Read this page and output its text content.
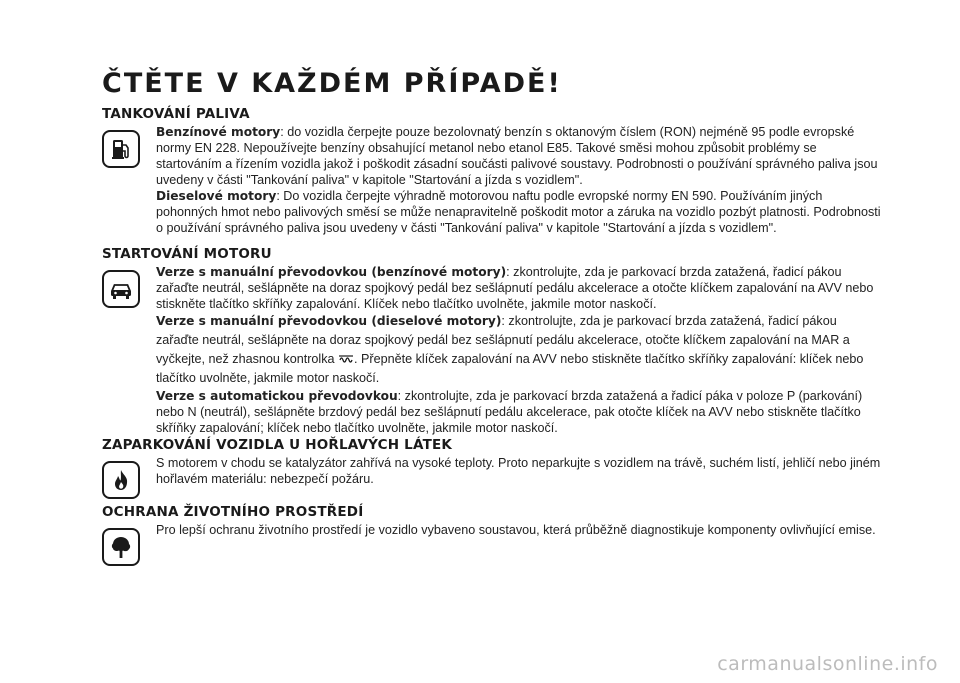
ČTĚTE V KAŽDÉM PŘÍPADĚ!
TANKOVÁNÍ PALIVA

Benzínové motory: do vozidla čerpejte pouze bezolovnatý benzín s oktanovým číslem (RON) nejméně 95 podle evropské normy EN 228. Nepoužívejte benzíny obsahující metanol nebo etanol E85. Takové směsi mohou způsobit problémy se startováním a řízením vozidla jakož i poškodit zásadní součásti palivové soustavy. Podrobnosti o používání správného paliva jsou uvedeny v části "Tankování paliva" v kapitole "Startování a jízda s vozidlem".

Dieselové motory: Do vozidla čerpejte výhradně motorovou naftu podle evropské normy EN 590. Používáním jiných pohonných hmot nebo palivových směsí se může nenapravitelně poškodit motor a záruka na vozidlo pozbýt platnosti. Podrobnosti o používání správného paliva jsou uvedeny v části "Tankování paliva" v kapitole "Startování a jízda s vozidlem".

STARTOVÁNÍ MOTORU

Verze s manuální převodovkou (benzínové motory): zkontrolujte, zda je parkovací brzda zatažená, řadicí pákou zařaďte neutrál, sešlápněte na doraz spojkový pedál bez sešlápnutí pedálu akcelerace a otočte klíčkem zapalování na AVV nebo stiskněte tlačítko skříňky zapalování. Klíček nebo tlačítko uvolněte, jakmile motor naskočí.

Verze s manuální převodovkou (dieselové motory): zkontrolujte, zda je parkovací brzda zatažená, řadicí pákou zařaďte neutrál, sešlápněte na doraz spojkový pedál bez sešlápnutí pedálu akcelerace, otočte klíčkem zapalování na MAR a vyčkejte, než zhasnou kontrolka . Přepněte klíček zapalování na AVV nebo stiskněte tlačítko skříňky zapalování: klíček nebo tlačítko uvolněte, jakmile motor naskočí.

Verze s automatickou převodovkou: zkontrolujte, zda je parkovací brzda zatažená a řadicí páka v poloze P (parkování) nebo N (neutrál), sešlápněte brzdový pedál bez sešlápnutí pedálu akcelerace, pak otočte klíček na AVV nebo stiskněte tlačítko skříňky zapalování; klíček nebo tlačítko uvolněte, jakmile motor naskočí.

ZAPARKOVÁNÍ VOZIDLA U HOŘLAVÝCH LÁTEK

S motorem v chodu se katalyzátor zahřívá na vysoké teploty. Proto neparkujte s vozidlem na trávě, suchém listí, jehličí nebo jiném hořlavém materiálu: nebezpečí požáru.

OCHRANA ŽIVOTNÍHO PROSTŘEDÍ

Pro lepší ochranu životního prostředí je vozidlo vybaveno soustavou, která průběžně diagnostikuje komponenty ovlivňující emise.

carmanualsonline.info
